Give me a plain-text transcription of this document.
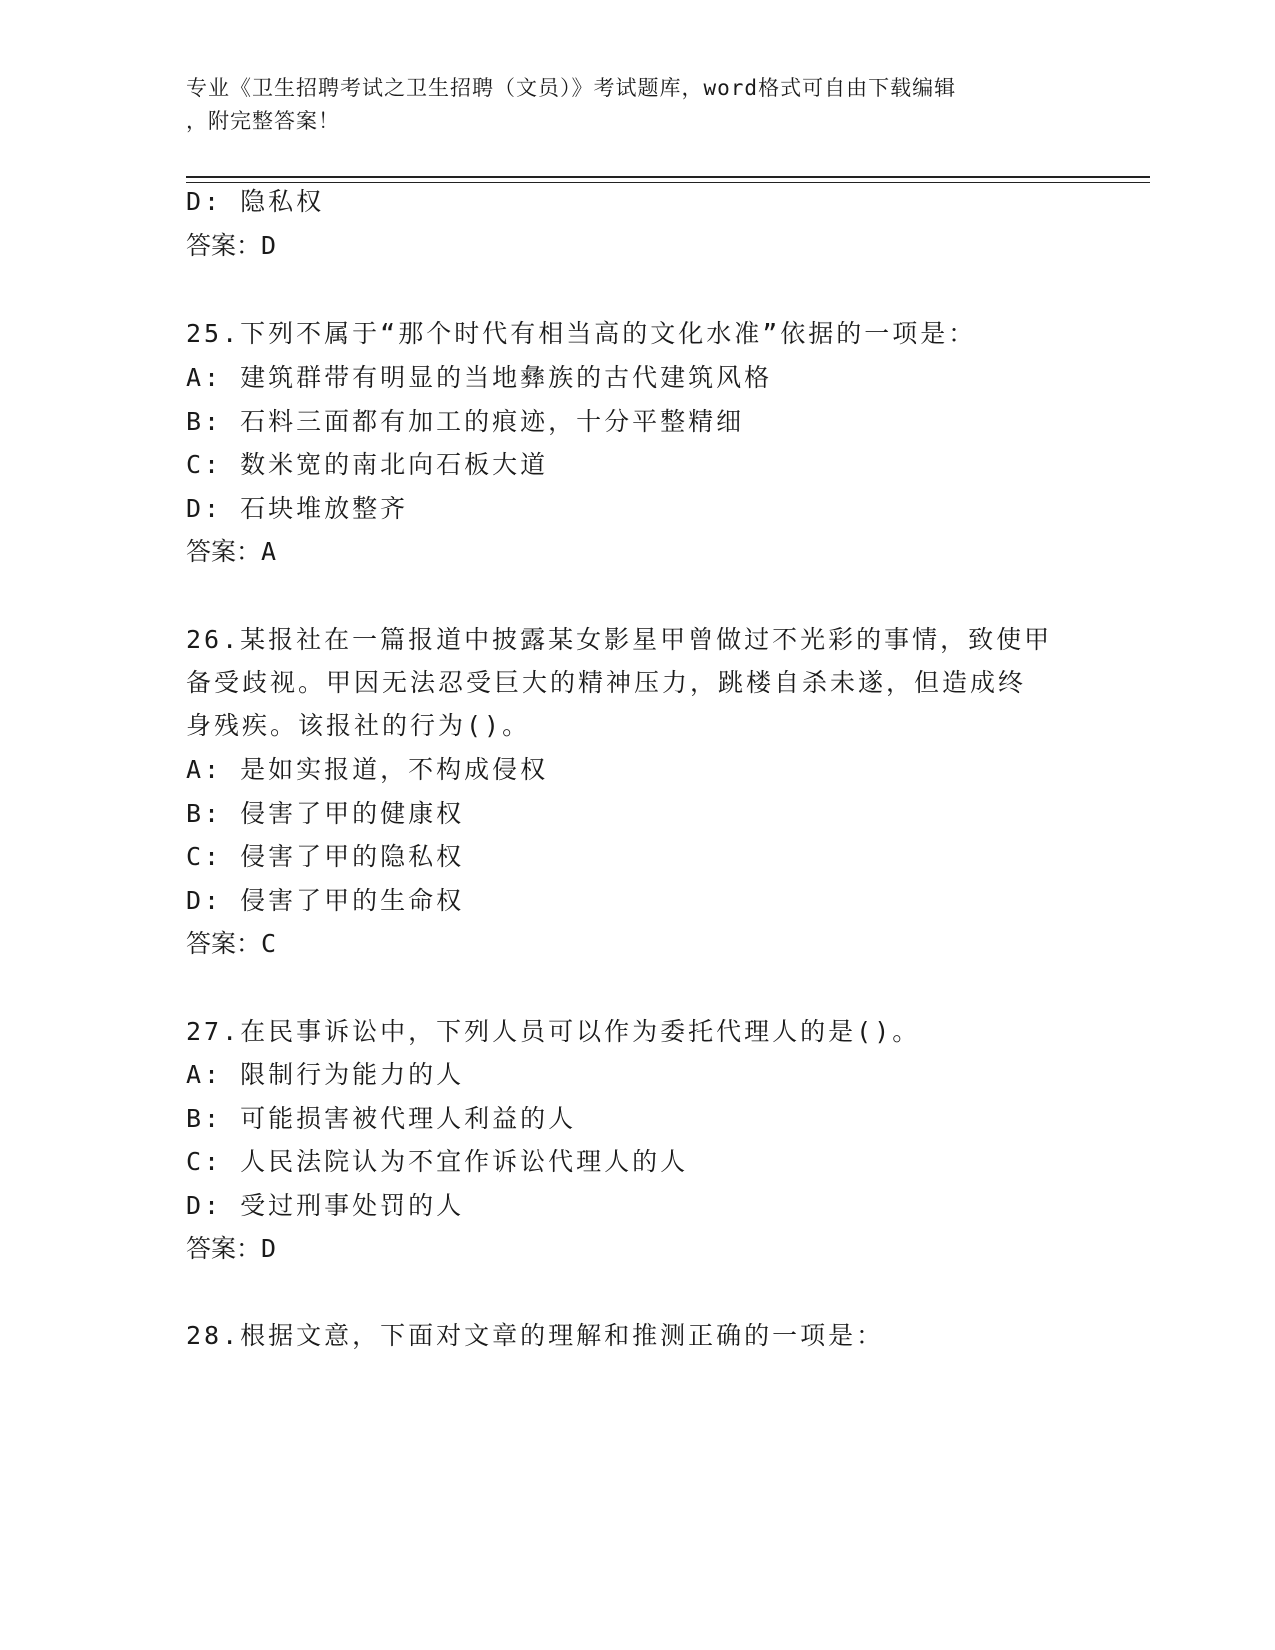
专业《卫生招聘考试之卫生招聘（文员）》考试题库，word格式可自由下载编辑

，附完整答案！

D: 隐私权

答案：D

25.下列不属于“那个时代有相当高的文化水准”依据的一项是：

A: 建筑群带有明显的当地彝族的古代建筑风格

B: 石料三面都有加工的痕迹，十分平整精细

C: 数米宽的南北向石板大道

D: 石块堆放整齐

答案：A

26.某报社在一篇报道中披露某女影星甲曾做过不光彩的事情，致使甲

备受歧视。甲因无法忍受巨大的精神压力，跳楼自杀未遂，但造成终

身残疾。该报社的行为()。

A: 是如实报道，不构成侵权

B: 侵害了甲的健康权

C: 侵害了甲的隐私权

D: 侵害了甲的生命权

答案：C

27.在民事诉讼中，下列人员可以作为委托代理人的是()。

A: 限制行为能力的人

B: 可能损害被代理人利益的人

C: 人民法院认为不宜作诉讼代理人的人

D: 受过刑事处罚的人

答案：D

28.根据文意，下面对文章的理解和推测正确的一项是：
